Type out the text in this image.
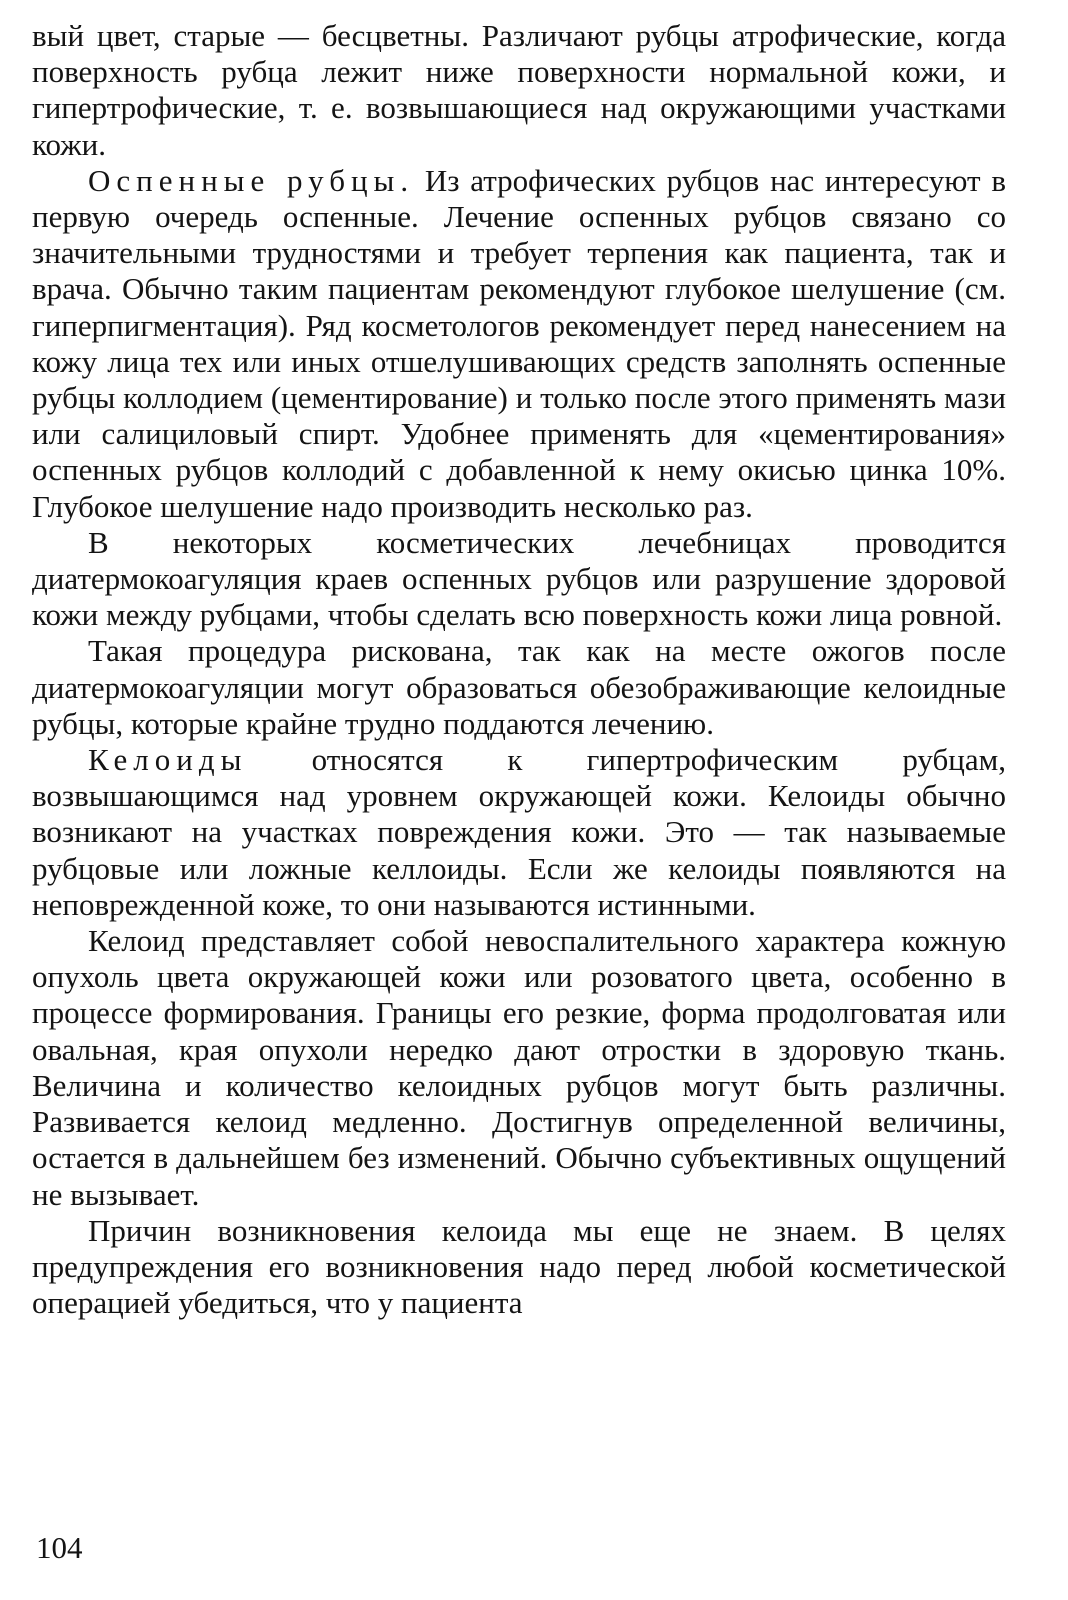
вый цвет, старые — бесцветны. Различают рубцы атрофические, когда поверхность рубца лежит ниже поверхности нормальной кожи, и гипертрофические, т. е. возвышающиеся над окружающими участками кожи.

Оспенные рубцы. Из атрофических рубцов нас интересуют в первую очередь оспенные. Лечение оспенных рубцов связано со значительными трудностями и требует терпения как пациента, так и врача. Обычно таким пациентам рекомендуют глубокое шелушение (см. гиперпигментация). Ряд косметологов рекомендует перед нанесением на кожу лица тех или иных отшелушивающих средств заполнять оспенные рубцы коллодием (цементирование) и только после этого применять мази или салициловый спирт. Удобнее применять для «цементирования» оспенных рубцов коллодий с добавленной к нему окисью цинка 10%. Глубокое шелушение надо производить несколько раз.

В некоторых косметических лечебницах проводится диатермокоагуляция краев оспенных рубцов или разрушение здоровой кожи между рубцами, чтобы сделать всю поверхность кожи лица ровной.

Такая процедура рискована, так как на месте ожогов после диатермокоагуляции могут образоваться обезображивающие келоидные рубцы, которые крайне трудно поддаются лечению.

Келоиды относятся к гипертрофическим рубцам, возвышающимся над уровнем окружающей кожи. Келоиды обычно возникают на участках повреждения кожи. Это — так называемые рубцовые или ложные келлоиды. Если же келоиды появляются на неповрежденной коже, то они называются истинными.

Келоид представляет собой невоспалительного характера кожную опухоль цвета окружающей кожи или розоватого цвета, особенно в процессе формирования. Границы его резкие, форма продолговатая или овальная, края опухоли нередко дают отростки в здоровую ткань. Величина и количество келоидных рубцов могут быть различны. Развивается келоид медленно. Достигнув определенной величины, остается в дальнейшем без изменений. Обычно субъективных ощущений не вызывает.

Причин возникновения келоида мы еще не знаем. В целях предупреждения его возникновения надо перед любой косметической операцией убедиться, что у пациента

104
